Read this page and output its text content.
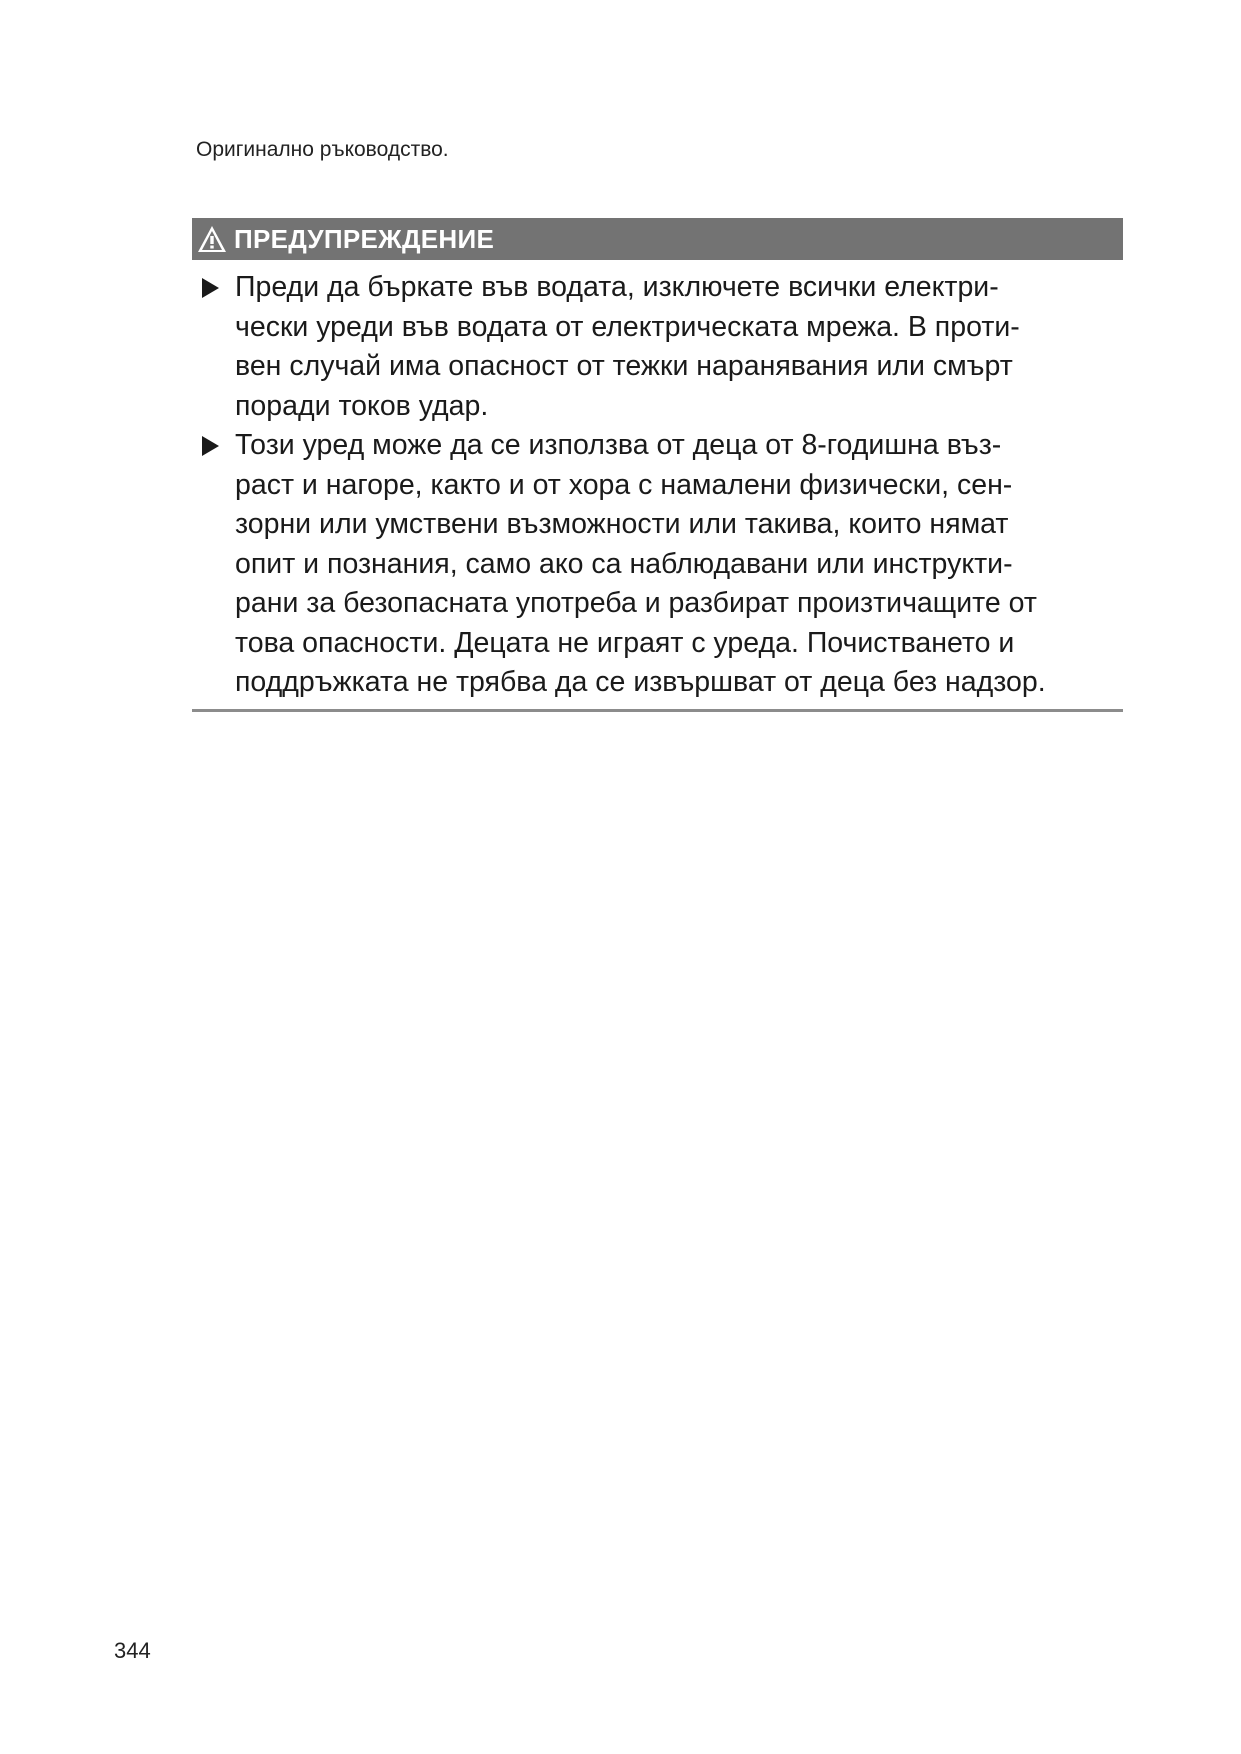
Оригинално ръководство.
ПРЕДУПРЕЖДЕНИЕ
Преди да бъркате във водата, изключете всички електри-
чески уреди във водата от електрическата мрежа. В проти-
вен случай има опасност от тежки наранявания или смърт
поради токов удар.
Този уред може да се използва от деца от 8-годишна въз-
раст и нагоре, както и от хора с намалени физически, сен-
зорни или умствени възможности или такива, които нямат
опит и познания, само ако са наблюдавани или инструкти-
рани за безопасната употреба и разбират произтичащите от
това опасности. Децата не играят с уреда. Почистването и
поддръжката не трябва да се извършват от деца без надзор.
344
